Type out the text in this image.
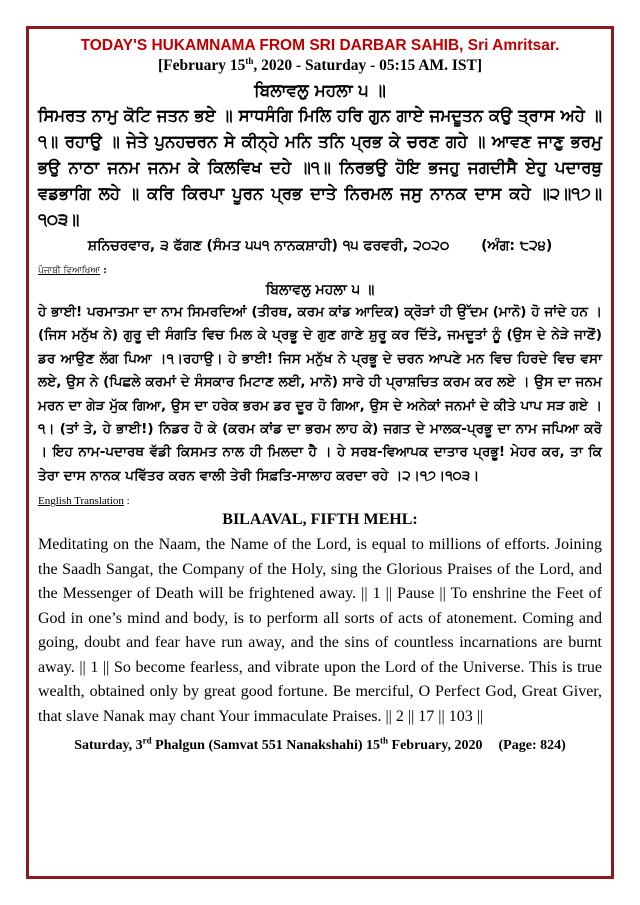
TODAY'S HUKAMNAMA FROM SRI DARBAR SAHIB, Sri Amritsar.
[February 15th, 2020 - Saturday - 05:15 AM. IST]
ਬਿਲਾਵਲੁ ਮਹਲਾ ੫ ॥
ਸਿਮਰਤ ਨਾਮੁ ਕੋਟਿ ਜਤਨ ਭਏ ॥ ਸਾਧਸੰਗਿ ਮਿਲਿ ਹਰਿ ਗੁਨ ਗਾਏ ਜਮਦੂਤਨ ਕਉ ਤ੍ਰਾਸ ਅਹੇ ॥੧॥ ਰਹਾਉ ॥ ਜੇਤੇ ਪੁਨਹਚਰਨ ਸੇ ਕੀਨ੍ਹੇ ਮਨਿ ਤਨਿ ਪ੍ਰਭ ਕੇ ਚਰਣ ਗਹੇ ॥ ਆਵਣ ਜਾਣੁ ਭਰਮੁ ਭਉ ਨਾਠਾ ਜਨਮ ਜਨਮ ਕੇ ਕਿਲਵਿਖ ਦਹੇ ॥੧॥ ਨਿਰਭਉ ਹੋਇ ਭਜਹੁ ਜਗਦੀਸੈ ਏਹੁ ਪਦਾਰਥੁ ਵਡਭਾਗਿ ਲਹੇ ॥ ਕਰਿ ਕਿਰਪਾ ਪੂਰਨ ਪ੍ਰਭ ਦਾਤੇ ਨਿਰਮਲ ਜਸੁ ਨਾਨਕ ਦਾਸ ਕਹੇ ॥੨॥੧੭॥੧੦੩॥
ਸ਼ਨਿਚਰਵਾਰ, ੩ ਫੱਗਣ (ਸੰਮਤ ੫੫੧ ਨਾਨਕਸ਼ਾਹੀ) ੧੫ ਫਰਵਰੀ, ੨੦੨੦ (ਅੰਗ: ੮੨੪)
ਪੰਜਾਬੀ ਵਿਆਖਿਆ :
ਬਿਲਾਵਲੁ ਮਹਲਾ ੫ ॥
ਹੇ ਭਾਈ! ਪਰਮਾਤਮਾ ਦਾ ਨਾਮ ਸਿਮਰਦਿਆਂ (ਤੀਰਥ, ਕਰਮ ਕਾਂਡ ਆਦਿਕ) ਕ੍ਰੋੜਾਂ ਹੀ ਉੱਦਮ (ਮਾਨੋ) ਹੋ ਜਾਂਦੇ ਹਨ । (ਜਿਸ ਮਨੁੱਖ ਨੇ) ਗੁਰੂ ਦੀ ਸੰਗਤਿ ਵਿਚ ਮਿਲ ਕੇ ਪ੍ਰਭੂ ਦੇ ਗੁਣ ਗਾਣੇ ਸ਼ੁਰੂ ਕਰ ਦਿੱਤੇ, ਜਮਦੂਤਾਂ ਨੂੰ (ਉਸ ਦੇ ਨੇੜੇ ਜਾਣੋਂ) ਡਰ ਆਉਣ ਲੱਗ ਪਿਆ ।੧।ਰਹਾਉ। ਹੇ ਭਾਈ! ਜਿਸ ਮਨੁੱਖ ਨੇ ਪ੍ਰਭੂ ਦੇ ਚਰਨ ਆਪਣੇ ਮਨ ਵਿਚ ਹਿਰਦੇ ਵਿਚ ਵਸਾ ਲਏ, ਉਸ ਨੇ (ਪਿਛਲੇ ਕਰਮਾਂ ਦੇ ਸੰਸਕਾਰ ਮਿਟਾਣ ਲਈ, ਮਾਨੋ) ਸਾਰੇ ਹੀ ਪ੍ਰਾਸ਼ਚਿਤ ਕਰਮ ਕਰ ਲਏ । ਉਸ ਦਾ ਜਨਮ ਮਰਨ ਦਾ ਗੇੜ ਮੁੱਕ ਗਿਆ, ਉਸ ਦਾ ਹਰੇਕ ਭਰਮ ਡਰ ਦੂਰ ਹੋ ਗਿਆ, ਉਸ ਦੇ ਅਨੇਕਾਂ ਜਨਮਾਂ ਦੇ ਕੀਤੇ ਪਾਪ ਸੜ ਗਏ ।੧। (ਤਾਂ ਤੇ, ਹੇ ਭਾਈ!) ਨਿਡਰ ਹੋ ਕੇ (ਕਰਮ ਕਾਂਡ ਦਾ ਭਰਮ ਲਾਹ ਕੇ) ਜਗਤ ਦੇ ਮਾਲਕ-ਪ੍ਰਭੂ ਦਾ ਨਾਮ ਜਪਿਆ ਕਰੋ । ਇਹ ਨਾਮ-ਪਦਾਰਥ ਵੱਡੀ ਕਿਸਮਤ ਨਾਲ ਹੀ ਮਿਲਦਾ ਹੈ । ਹੇ ਸਰਬ-ਵਿਆਪਕ ਦਾਤਾਰ ਪ੍ਰਭੂ! ਮੇਹਰ ਕਰ, ਤਾ ਕਿ ਤੇਰਾ ਦਾਸ ਨਾਨਕ ਪਵਿੱਤਰ ਕਰਨ ਵਾਲੀ ਤੇਰੀ ਸਿਫ਼ਤਿ-ਸਾਲਾਹ ਕਰਦਾ ਰਹੇ ।੨।੧੭।੧੦੩।
English Translation :
BILAAVAL, FIFTH MEHL:
Meditating on the Naam, the Name of the Lord, is equal to millions of efforts. Joining the Saadh Sangat, the Company of the Holy, sing the Glorious Praises of the Lord, and the Messenger of Death will be frightened away. || 1 || Pause || To enshrine the Feet of God in one’s mind and body, is to perform all sorts of acts of atonement. Coming and going, doubt and fear have run away, and the sins of countless incarnations are burnt away. || 1 || So become fearless, and vibrate upon the Lord of the Universe. This is true wealth, obtained only by great good fortune. Be merciful, O Perfect God, Great Giver, that slave Nanak may chant Your immaculate Praises. || 2 || 17 || 103 ||
Saturday, 3rd Phalgun (Samvat 551 Nanakshahi) 15th February, 2020 (Page: 824)
